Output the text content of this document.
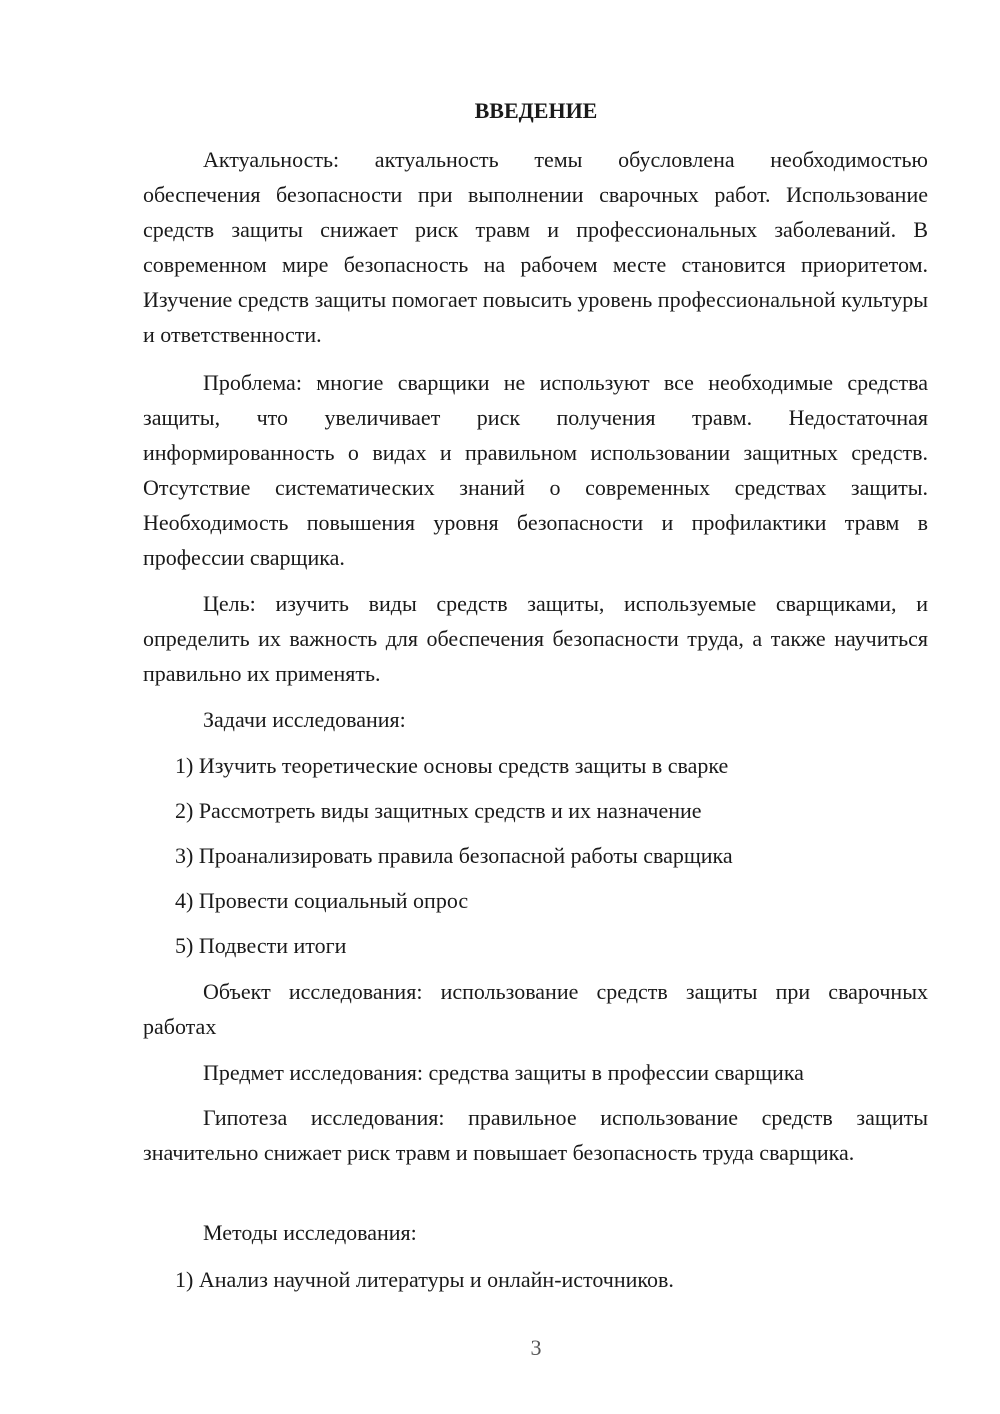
ВВЕДЕНИЕ

Актуальность: актуальность темы обусловлена необходимостью обеспечения безопасности при выполнении сварочных работ. Использование средств защиты снижает риск травм и профессиональных заболеваний. В современном мире безопасность на рабочем месте становится приоритетом. Изучение средств защиты помогает повысить уровень профессиональной культуры и ответственности.

Проблема: многие сварщики не используют все необходимые средства защиты, что увеличивает риск получения травм. Недостаточная информированность о видах и правильном использовании защитных средств. Отсутствие систематических знаний о современных средствах защиты. Необходимость повышения уровня безопасности и профилактики травм в профессии сварщика.

Цель: изучить виды средств защиты, используемые сварщиками, и определить их важность для обеспечения безопасности труда, а также научиться правильно их применять.

Задачи исследования:

1) Изучить теоретические основы средств защиты в сварке

2) Рассмотреть виды защитных средств и их назначение

3) Проанализировать правила безопасной работы сварщика

4) Провести социальный опрос

5) Подвести итоги

Объект исследования: использование средств защиты при сварочных работах

Предмет исследования: средства защиты в профессии сварщика

Гипотеза исследования: правильное использование средств защиты значительно снижает риск травм и повышает безопасность труда сварщика.

Методы исследования:

1) Анализ научной литературы и онлайн-источников.

3
